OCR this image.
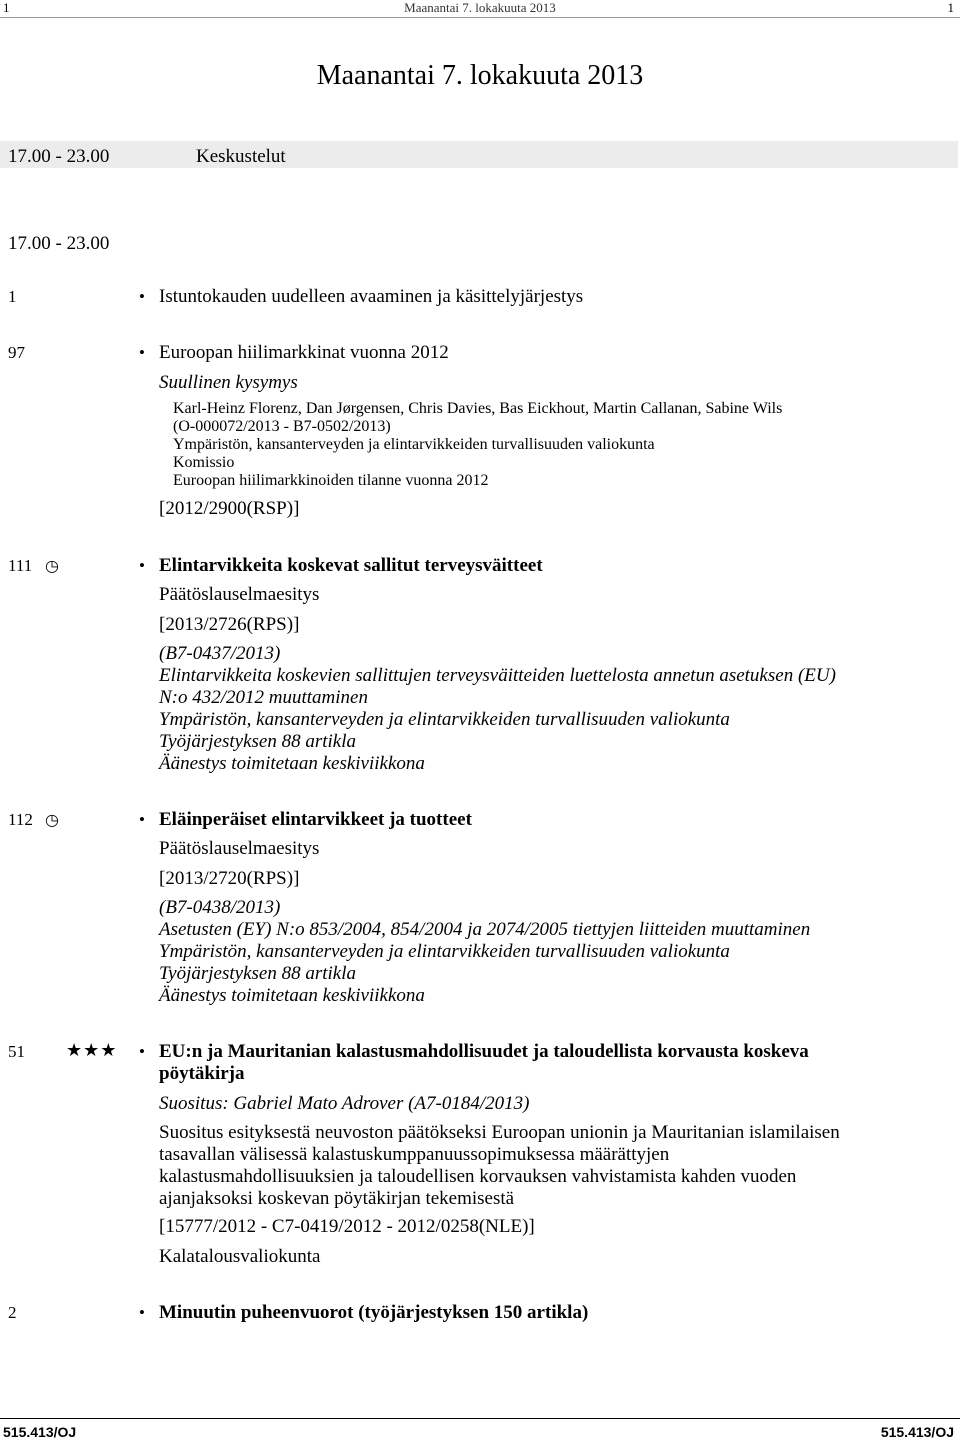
1	Maanantai 7. lokakuuta 2013	1
Maanantai 7. lokakuuta 2013
17.00 - 23.00	Keskustelut
17.00 - 23.00
1	• Istuntokauden uudelleen avaaminen ja käsittelyjärjestys
97	• Euroopan hiilimarkkinat vuonna 2012
Suullinen kysymys
Karl-Heinz Florenz, Dan Jørgensen, Chris Davies, Bas Eickhout, Martin Callanan, Sabine Wils
(O-000072/2013 - B7-0502/2013)
Ympäristön, kansanterveyden ja elintarvikkeiden turvallisuuden valiokunta
Komissio
Euroopan hiilimarkkinoiden tilanne vuonna 2012
[2012/2900(RSP)]
111 ◷	• Elintarvikkeita koskevat sallitut terveysväitteet
Päätöslauselmaesitys
[2013/2726(RPS)]
(B7-0437/2013)
Elintarvikkeita koskevien sallittujen terveysväitteiden luettelosta annetun asetuksen (EU)
N:o 432/2012 muuttaminen
Ympäristön, kansanterveyden ja elintarvikkeiden turvallisuuden valiokunta
Työjärjestyksen 88 artikla
Äänestys toimitetaan keskiviikkona
112 ◷	• Eläinperäiset elintarvikkeet ja tuotteet
Päätöslauselmaesitys
[2013/2720(RPS)]
(B7-0438/2013)
Asetusten (EY) N:o 853/2004, 854/2004 ja 2074/2005 tiettyjen liitteiden muuttaminen
Ympäristön, kansanterveyden ja elintarvikkeiden turvallisuuden valiokunta
Työjärjestyksen 88 artikla
Äänestys toimitetaan keskiviikkona
51 ★★★ • EU:n ja Mauritanian kalastusmahdollisuudet ja taloudellista korvausta koskeva
pöytäkirja
Suositus: Gabriel Mato Adrover (A7-0184/2013)
Suositus esityksestä neuvoston päätökseksi Euroopan unionin ja Mauritanian islamilaisen
tasavallan välisessä kalastuskumppanuussopimuksessa määrättyjen
kalastusmahdollisuuksien ja taloudellisen korvauksen vahvistamista kahden vuoden
ajanjaksoksi koskevan pöytäkirjan tekemisestä
[15777/2012 - C7-0419/2012 - 2012/0258(NLE)]
Kalatalousvaliokunta
2	• Minuutin puheenvuorot (työjärjestyksen 150 artikla)
515.413/OJ	515.413/OJ
